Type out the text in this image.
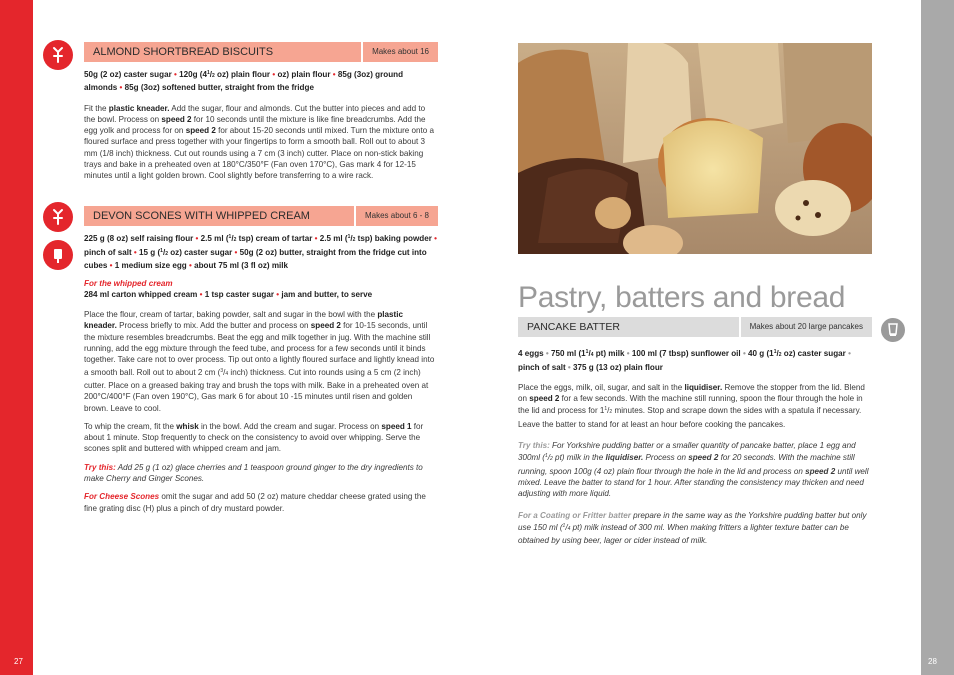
27	28
ALMOND SHORTBREAD BISCUITS	Makes about 16
50g (2 oz) caster sugar • 120g ($4^1/2$ oz) plain flour • oz) plain flour • 85g (3oz) ground almonds • 85g (3oz) softened butter, straight from the fridge

Fit the plastic kneader. Add the sugar, flour and almonds. Cut the butter into pieces and add to the bowl. Process on speed 2 for 10 seconds until the mixture is like fine breadcrumbs. Add the egg yolk and process for on speed 2 for about 15-20 seconds until mixed. Turn the mixture onto a floured surface and press together with your fingertips to form a smooth ball. Roll out to about 3 mm (1/8 inch) thickness. Cut out rounds using a 7 cm (3 inch) cutter. Place on non-stick baking trays and bake in a preheated oven at 180°C/350°F (Fan oven 170°C), Gas mark 4 for 12-15 minutes until a light golden brown. Cool slightly before transferring to a wire rack.

DEVON SCONES WITH WHIPPED CREAM	Makes about 6 - 8
225 g (8 oz) self raising flour • 2.5 ml ($^1$/2 tsp) cream of tartar • 2.5 ml ($^1$/2 tsp) baking powder • pinch of salt • 15 g ($^1$/2 oz) caster sugar • 50g (2 oz) butter, straight from the fridge cut into cubes • 1 medium size egg • about 75 ml (3 fl oz) milk
For the whipped cream
284 ml carton whipped cream • 1 tsp caster sugar • jam and butter, to serve

Place the flour, cream of tartar, baking powder, salt and sugar in the bowl with the plastic kneader. Process briefly to mix. Add the butter and process on speed 2 for 10-15 seconds, until the mixture resembles breadcrumbs. Beat the egg and milk together in jug. With the machine still running, add the egg mixture through the feed tube, and process for a few seconds until it binds together. Take care not to over process. Tip out onto a lightly floured surface and lightly knead into a smooth ball. Roll out to about 2 cm ($^3$/4 inch) thickness. Cut into rounds using a 5 cm (2 inch) cutter. Place on a greased baking tray and brush the tops with milk. Bake in a preheated oven at 200°C/400°F (Fan oven 190°C), Gas mark 6 for about 10 -15 minutes until risen and golden brown. Leave to cool.

To whip the cream, fit the whisk in the bowl. Add the cream and sugar. Process on speed 1 for about 1 minute. Stop frequently to check on the consistency to avoid over whipping. Serve the scones split and buttered with whipped cream and jam.

Try this: Add 25 g (1 oz) glace cherries and 1 teaspoon ground ginger to the dry ingredients to make Cherry and Ginger Scones.

For Cheese Scones omit the sugar and add 50 (2 oz) mature cheddar cheese grated using the fine grating disc (H) plus a pinch of dry mustard powder.

Pastry, batters and bread
PANCAKE BATTER	Makes about 20 large pancakes
4 eggs • 750 ml ($1^1/4$ pt) milk • 100 ml (7 tbsp) sunflower oil • 40 g ($1^1/2$ oz) caster sugar • pinch of salt • 375 g (13 oz) plain flour

Place the eggs, milk, oil, sugar, and salt in the liquidiser. Remove the stopper from the lid. Blend on speed 2 for a few seconds. With the machine still running, spoon the flour through the hole in the lid and process for $1^1/2$ minutes. Stop and scrape down the sides with a spatula if necessary. Leave the batter to stand for at least an hour before cooking the pancakes.

Try this: For Yorkshire pudding batter or a smaller quantity of pancake batter, place 1 egg and 300ml ($^1$/2 pt) milk in the liquidiser. Process on speed 2 for 20 seconds. With the machine still running, spoon 100g (4 oz) plain flour through the hole in the lid and process on speed 2 until well mixed. Leave the batter to stand for 1 hour. After standing the consistency may thicken and need adjusting with more liquid.

For a Coating or Fritter batter prepare in the same way as the Yorkshire pudding batter but only use 150 ml ($^1$/4 pt) milk instead of 300 ml. When making fritters a lighter texture batter can be obtained by using beer, lager or cider instead of milk.
